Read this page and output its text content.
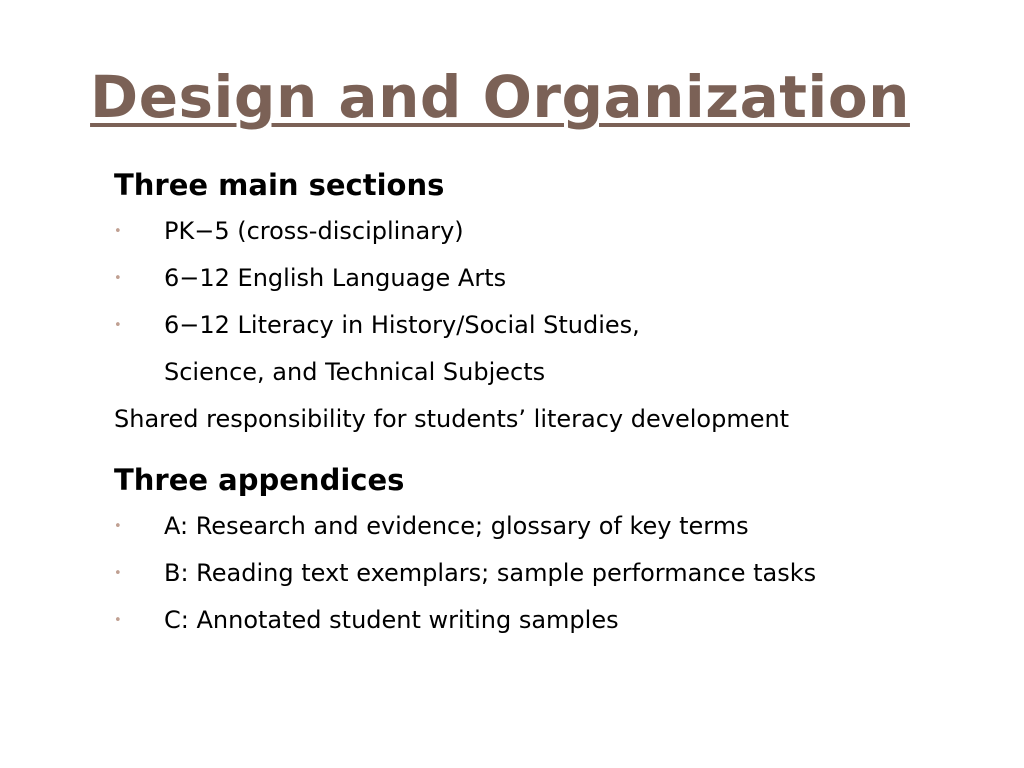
Design and Organization

Three main sections

• PK−5 (cross-disciplinary)
• 6−12 English Language Arts
• 6−12 Literacy in History/Social Studies,
Science, and Technical Subjects

Shared responsibility for students’ literacy development

Three appendices

• A: Research and evidence; glossary of key terms
• B: Reading text exemplars; sample performance tasks
• C: Annotated student writing samples
